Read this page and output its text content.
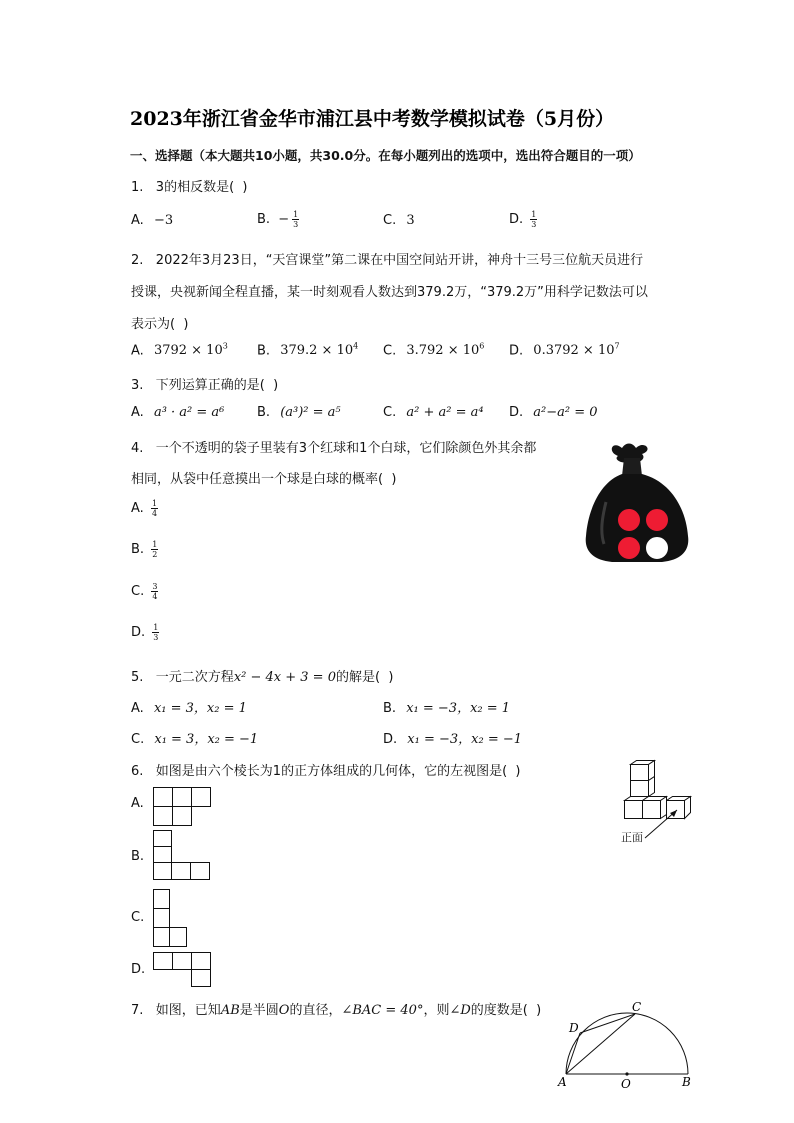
2023年浙江省金华市浦江县中考数学模拟试卷（5月份）
一、选择题（本大题共10小题，共30.0分。在每小题列出的选项中，选出符合题目的一项）
1.   3的相反数是(  )
A. −3	B. − $\frac{1}{3}$	C. 3	D. $\frac{1}{3}$
2.   2022年3月23日，“天宫课堂”第二课在中国空间站开讲，神舟十三号三位航天员进行
授课，央视新闻全程直播，某一时刻观看人数达到379.2万，“379.2万”用科学记数法可以
表示为(  )
A. $3792 \times 10^3$ B. $379.2 \times 10^4$ C. $3.792 \times 10^6$ D. $0.3792 \times 10^7$
3.   下列运算正确的是(  )
A. a³ · a² = a⁶	B. (a³)² = a⁵	C. a² + a² = a⁴ D. a²−a² = 0
4.   一个不透明的袋子里装有3个红球和1个白球，它们除颜色外其余都
相同，从袋中任意摸出一个球是白球的概率(  )
A. $\frac{1}{4}$
B. $\frac{1}{2}$
C. $\frac{3}{4}$
D. $\frac{1}{3}$
5.   一元二次方程x² − 4x + 3 = 0的解是(  )
A. x₁ = 3，x₂ = 1	B. x₁ = −3，x₂ = 1
C. x₁ = 3，x₂ = −1	D. x₁ = −3，x₂ = −1
6.   如图是由六个棱长为1的正方体组成的几何体，它的左视图是(  )
A.
B.
C.
D.
正面
7.   如图，已知AB是半圆O的直径，∠BAC = 40°，则∠D的度数是(  )
A	B
C
D
O
